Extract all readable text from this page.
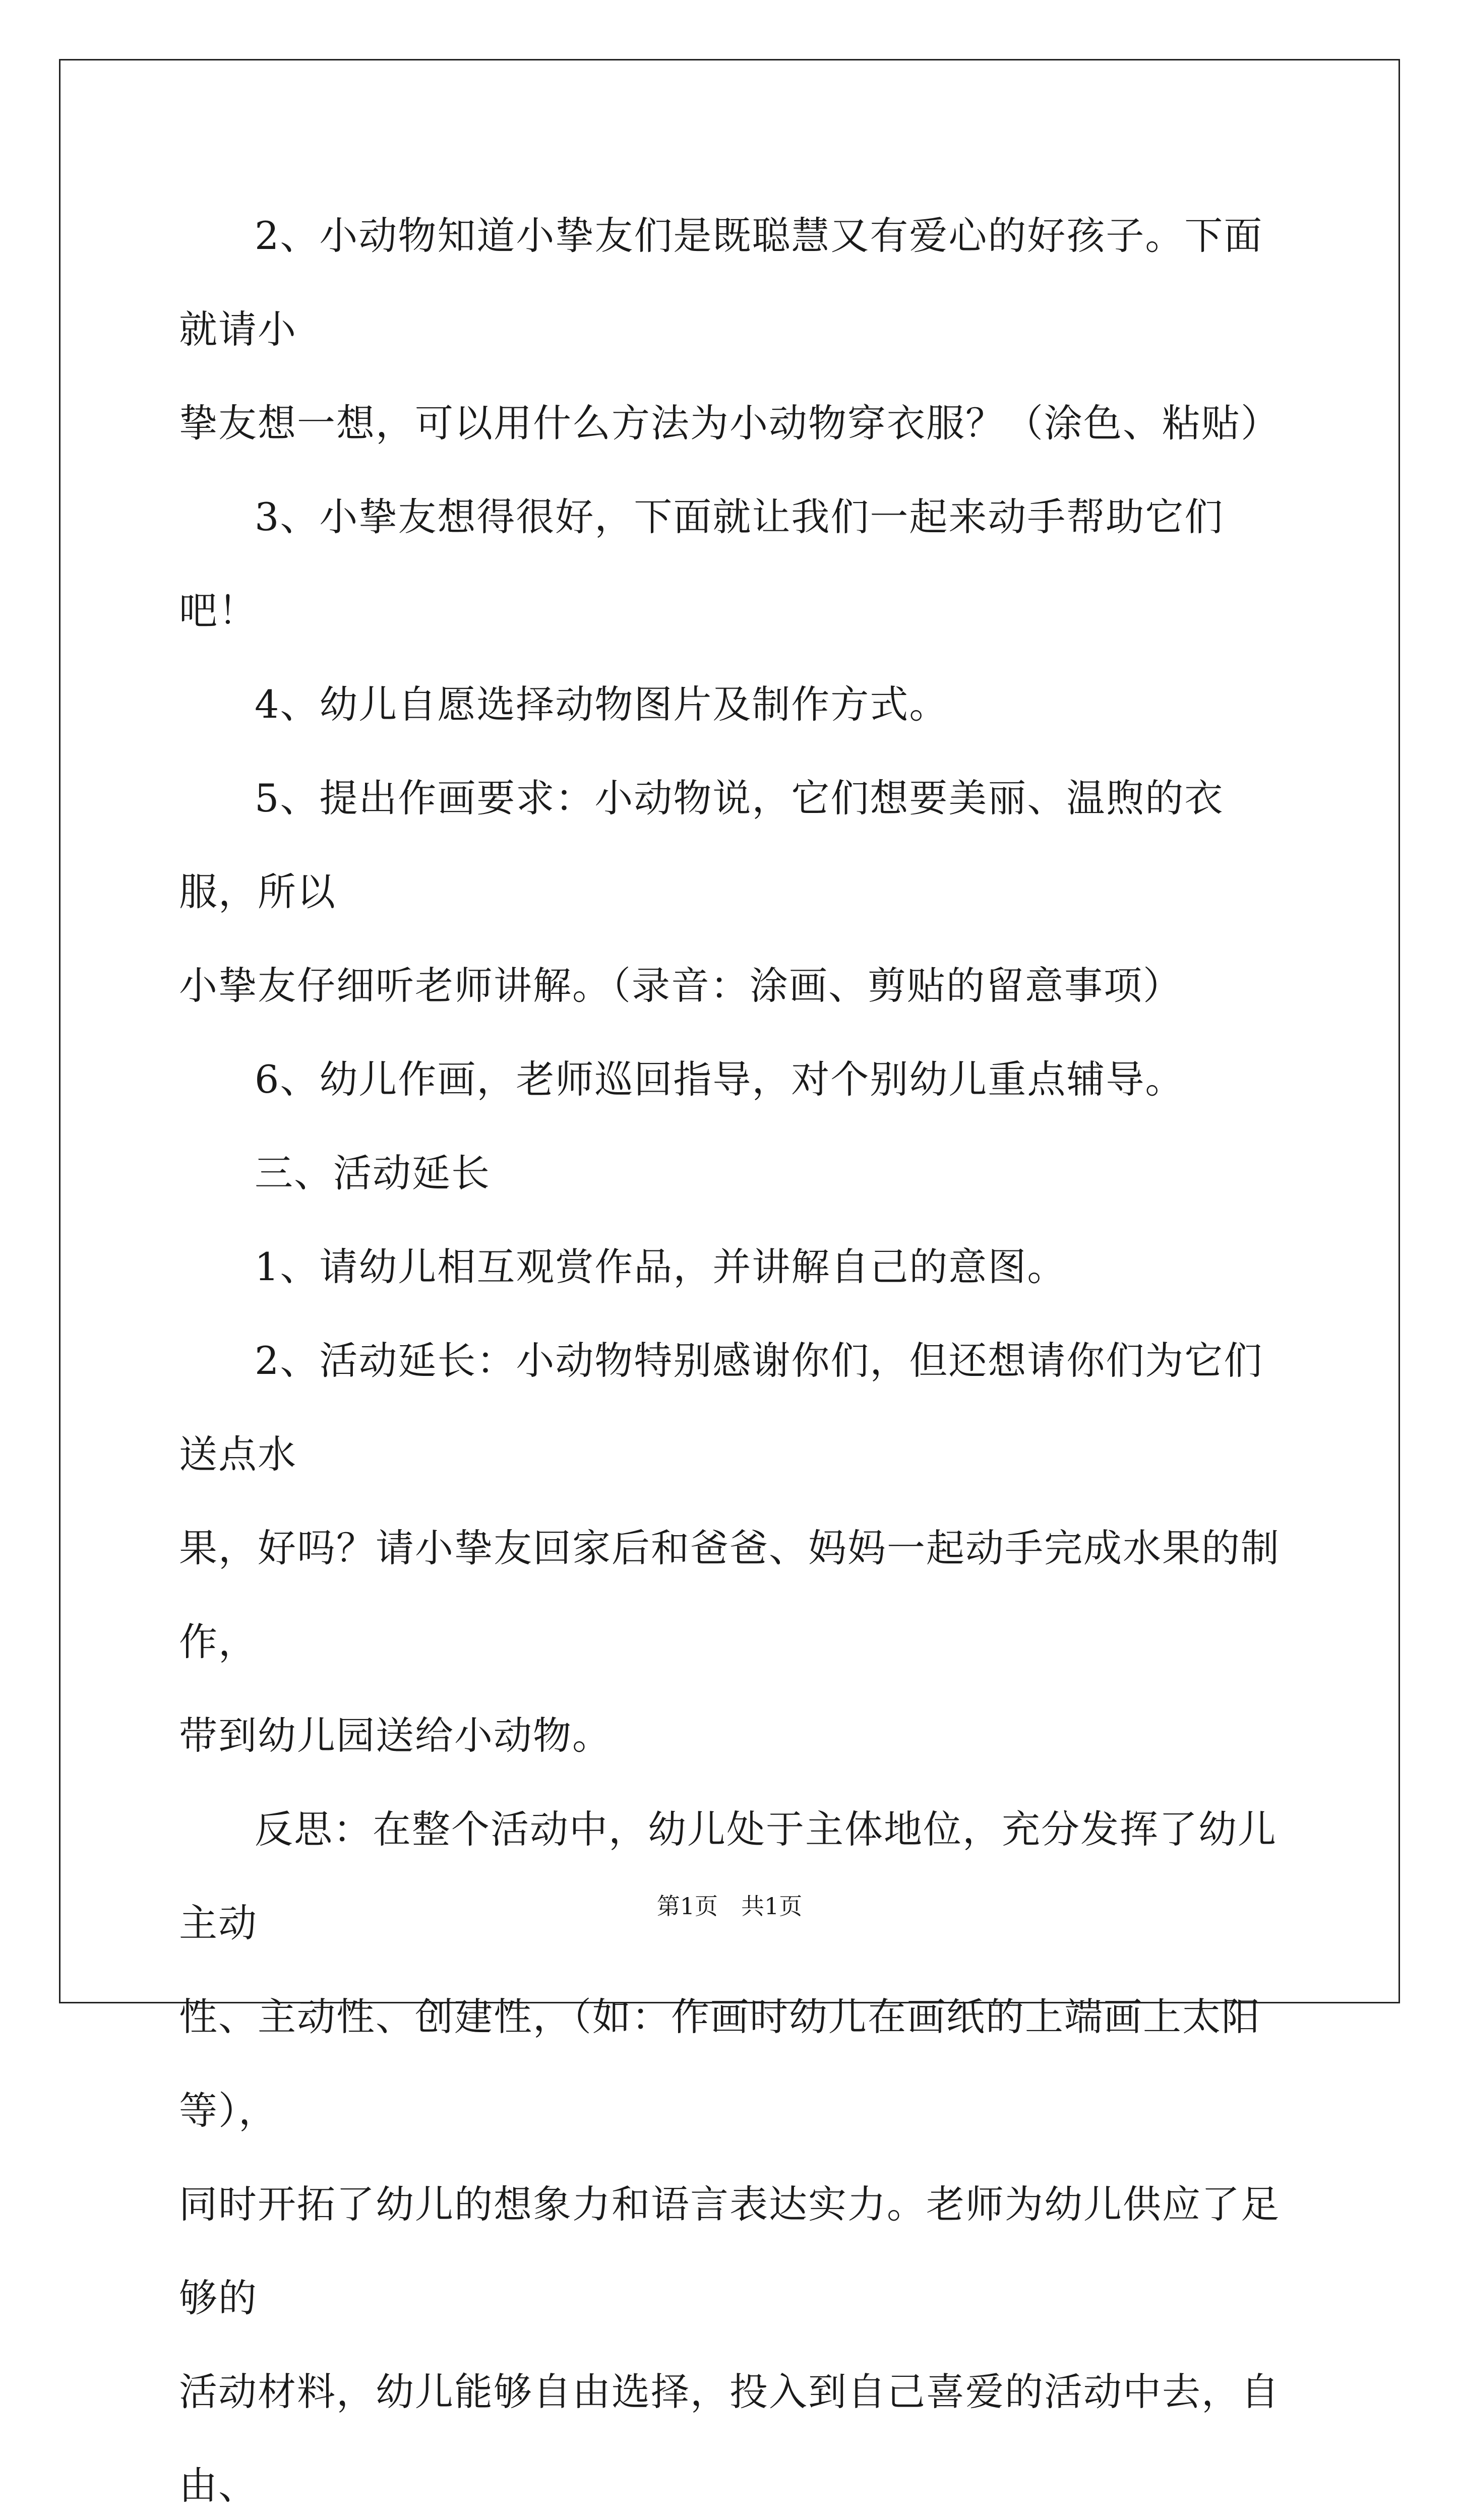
2、小动物知道小挚友们是既聪慧又有爱心的好孩子。下面就请小

挚友想一想，可以用什么方法为小动物穿衣服？（涂色、粘贴）

3、小挚友想得很好，下面就让我们一起来动手帮助它们吧！

4、幼儿自愿选择动物图片及制作方式。

5、提出作画要求：小动物说，它们想要美丽、温煦的衣服，所以

小挚友仔细听老师讲解。（录音：涂画、剪贴的留意事项）

6、幼儿作画，老师巡回指导，对个别幼儿重点辅导。

三、活动延长

1、请幼儿相互观赏作品，并讲解自己的意图。

2、活动延长：小动物特别感谢你们，但还想请你们为它们送点水

果，好吗？请小挚友回家后和爸爸、妈妈一起动手完成水果的制作，

带到幼儿园送给小动物。

反思：在整个活动中，幼儿处于主体地位，充分发挥了幼儿主动

性、主动性、创建性，（如：作画时幼儿在画纸的上端画上太阳等），

同时开拓了幼儿的想象力和语言表达实力。老师为幼儿供应了足够的

活动材料，幼儿能够自由选择，投入到自己喜爱的活动中去，自由、

第1页　共1页
